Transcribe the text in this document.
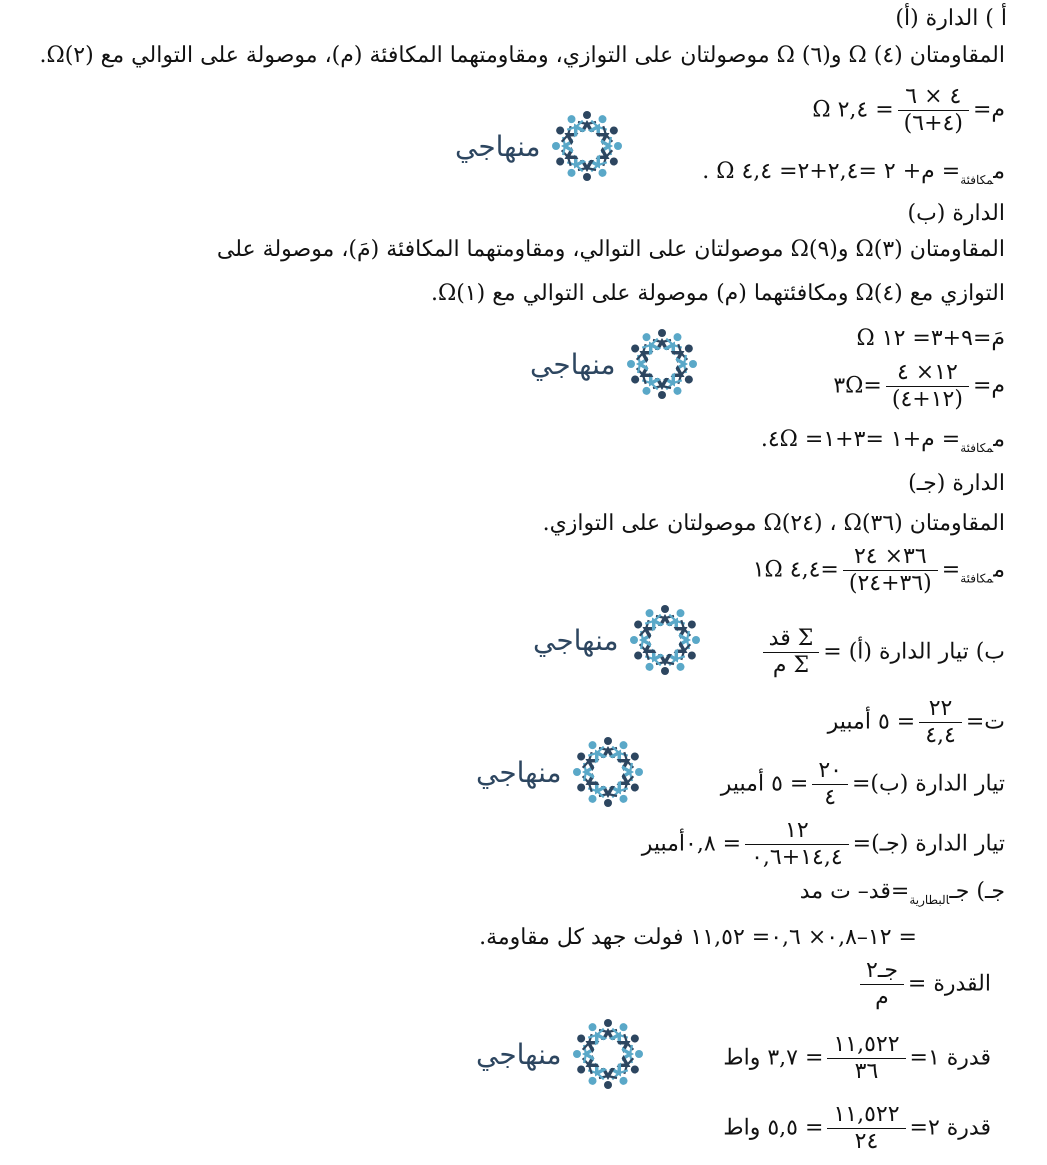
أ ) الدارة (أ)
المقاومتان (٤) Ω و(٦) Ω موصولتان على التوازي، ومقاومتهما المكافئة (م)، موصولة على التوالي مع (٢)Ω.
م=
$\frac{٤ \times ٦}{(٤+٦)}$
= ٢,٤ Ω
م$_{مكافئة}$= م+ ٢ =٢,٤+٢= ٤,٤ Ω .
الدارة (ب)
المقاومتان (٣)Ω و(٩)Ω موصولتان على التوالي، ومقاومتهما المكافئة (مَ)، موصولة على
التوازي مع (٤)Ω ومكافئتهما (م) موصولة على التوالي مع (١)Ω.
مَ=٩+٣= ١٢ Ω
م=
$\frac{١٢\times ٤}{(١٢+٤)}$
=٣Ω
م$_{مكافئة}$= م+١ =٣+١= ٤Ω.
الدارة (جـ)
المقاومتان (٣٦)Ω ، (٢٤)Ω موصولتان على التوازي.
م$_{مكافئة}$=
$\frac{٣٦\times ٢٤}{(٣٦+٢٤)}$
=٤,٤ ١Ω
ب) تيار الدارة (أ) =
$\frac{\text{Σ قد}}{\text{Σ م}}$
ت=
$\frac{٢٢}{٤,٤}$
= ٥ أمبير
تيار الدارة (ب)=
$\frac{٢٠}{٤}$
= ٥ أمبير
تيار الدارة (جـ)=
$\frac{١٢}{١٤,٤+٠,٦}$
= ٠,٨أمبير
جـ) جـ$_{البطارية}$=قد– ت مد
= ١٢–٠,٨× ٠,٦= ١١,٥٢ فولت جهد كل مقاومة.
القدرة =
$\frac{\text{جـ٢}}{\text{م}}$
قدرة ١=
$\frac{١١,٥٢٢}{٣٦}$
= ٣,٧ واط
قدرة ٢=
$\frac{١١,٥٢٢}{٢٤}$
= ٥,٥ واط
منهاجي
منهاجي
منهاجي
منهاجي
منهاجي
